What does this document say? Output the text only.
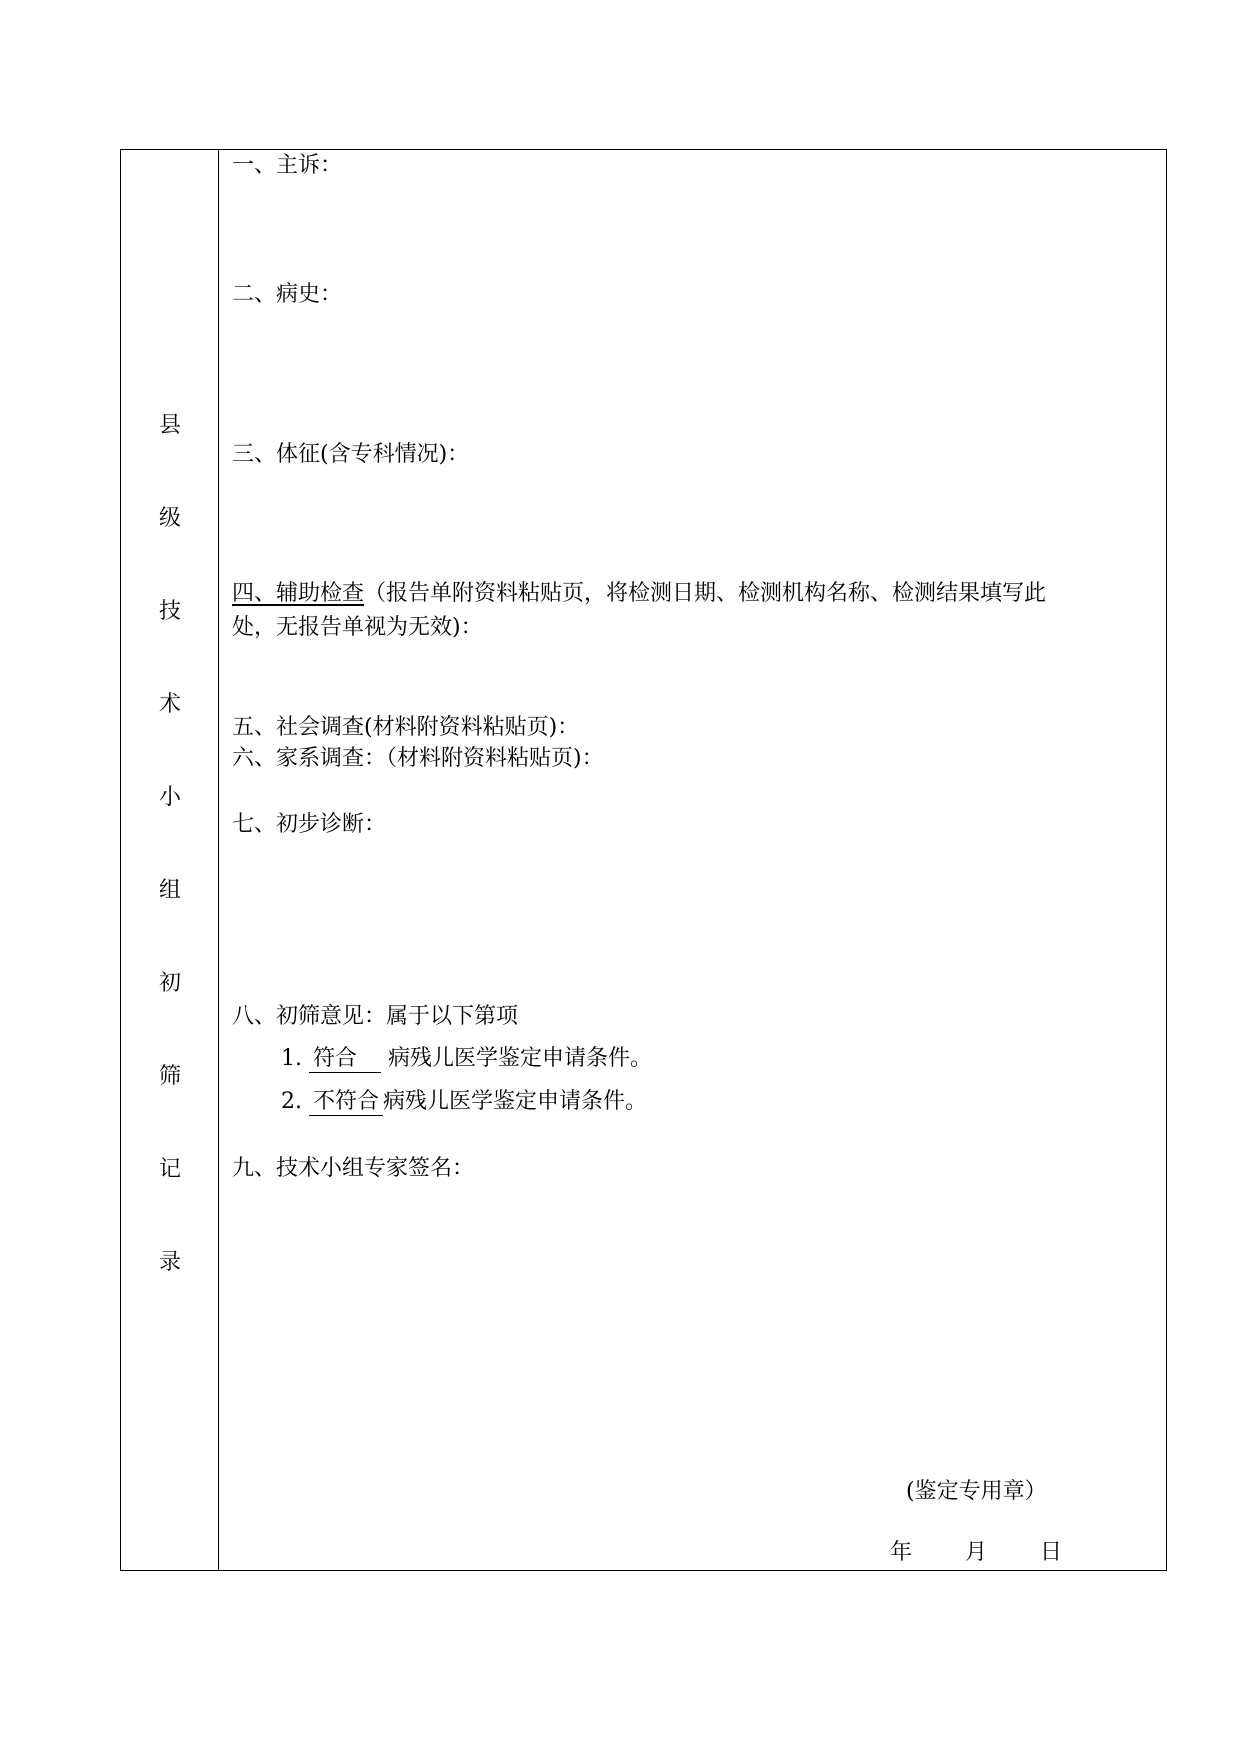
县
级
技
术
小
组
初
筛
记
录
一、主诉：
二、病史：
三、体征(含专科情况)：
四、辅助检查（报告单附资料粘贴页，将检测日期、检测机构名称、检测结果填写此
处，无报告单视为无效)：
五、社会调查(材料附资料粘贴页)：
六、家系调查：（材料附资料粘贴页)：
七、初步诊断：
八、初筛意见：属于以下第项
1. 符合 病残儿医学鉴定申请条件。
2. 不符合 病残儿医学鉴定申请条件。
九、技术小组专家签名：
(鉴定专用章）
年 月 日
